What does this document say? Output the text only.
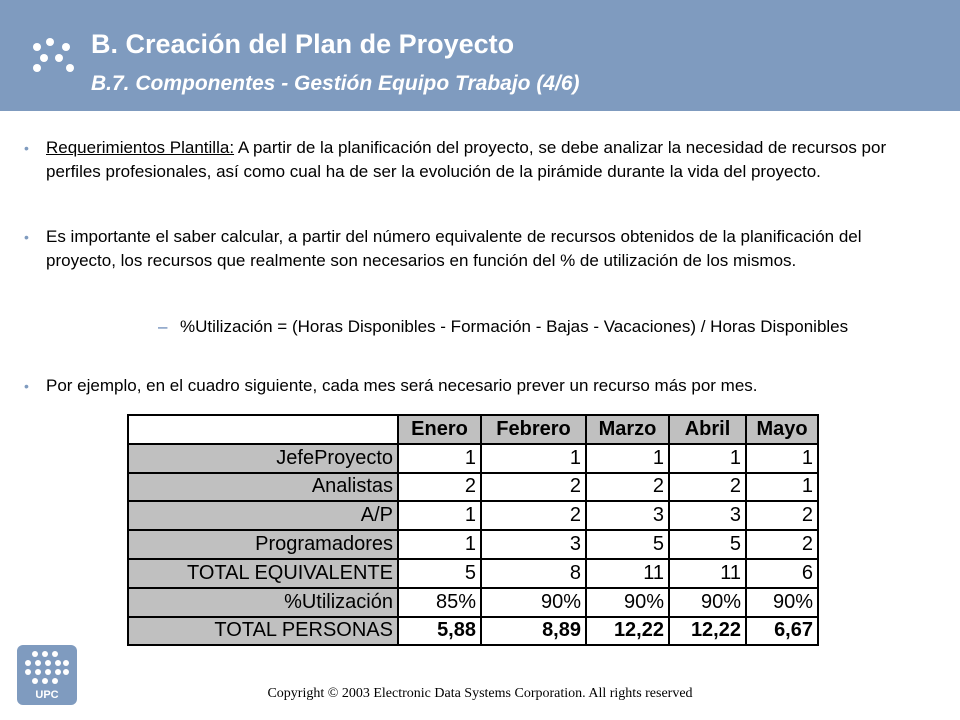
B. Creación del Plan de Proyecto
B.7. Componentes - Gestión Equipo Trabajo (4/6)
• Requerimientos Plantilla: A partir de la planificación del proyecto, se debe analizar la necesidad de recursos por perfiles profesionales, así como cual ha de ser la evolución de la pirámide durante la vida del proyecto.
• Es importante el saber calcular, a partir del número equivalente de recursos obtenidos de la planificación del proyecto, los recursos que realmente son necesarios en función del % de utilización de los mismos.
– %Utilización = (Horas Disponibles - Formación - Bajas - Vacaciones) / Horas Disponibles
• Por ejemplo, en el cuadro siguiente, cada mes será necesario prever un recurso más por mes.
	Enero	Febrero	Marzo	Abril	Mayo
JefeProyecto	1	1	1	1	1
Analistas	2	2	2	2	1
A/P	1	2	3	3	2
Programadores	1	3	5	5	2
TOTAL EQUIVALENTE	5	8	11	11	6
%Utilización	85%	90%	90%	90%	90%
TOTAL PERSONAS	5,88	8,89	12,22	12,22	6,67
UPC	Copyright © 2003 Electronic Data Systems Corporation. All rights reserved
